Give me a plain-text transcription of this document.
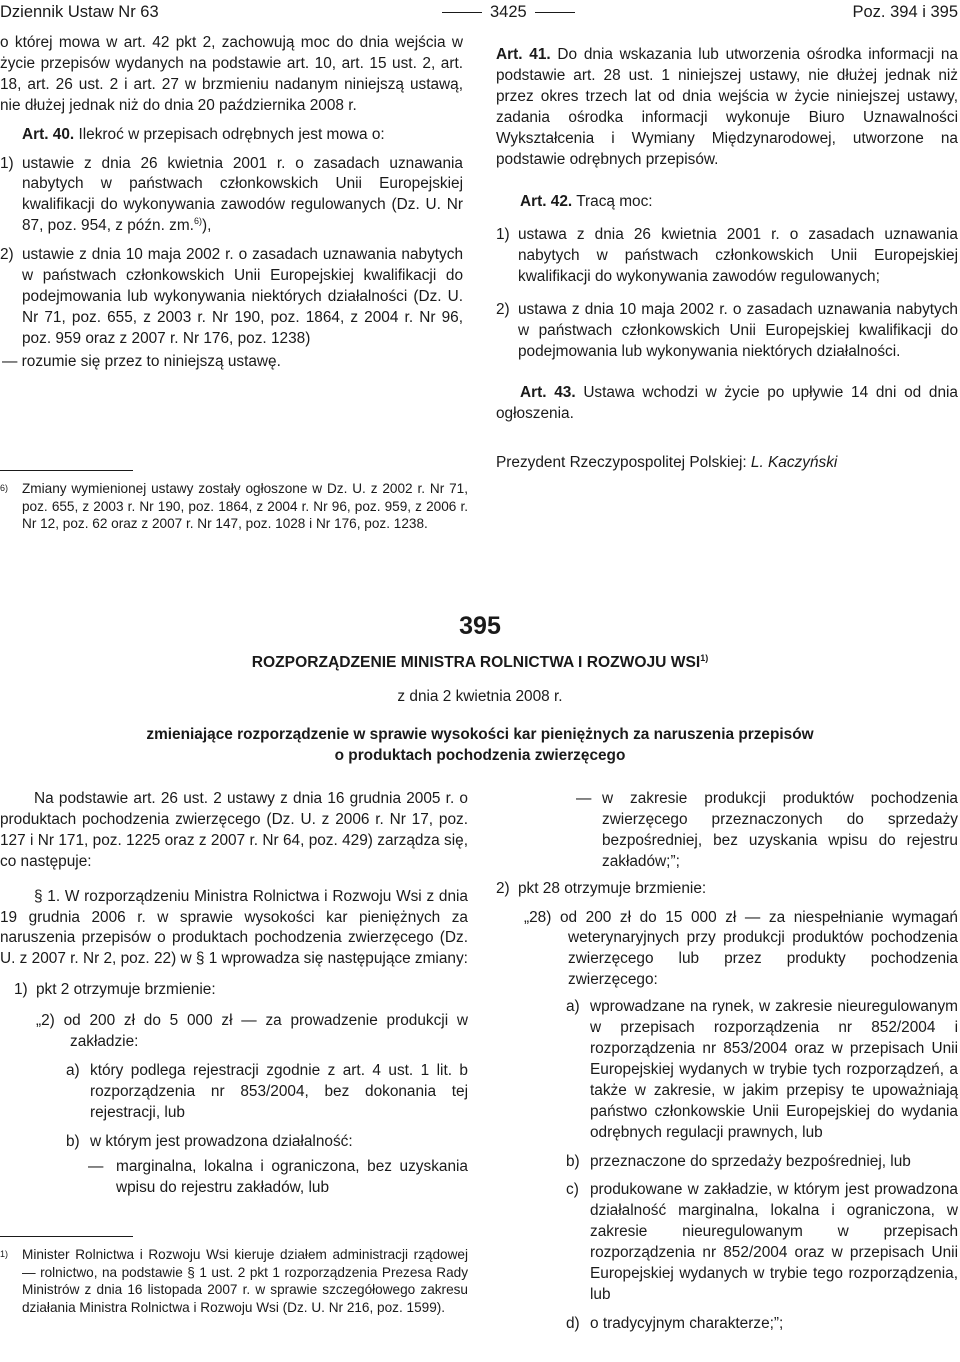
Dziennik Ustaw Nr 63	3425	Poz. 394 i 395

o której mowa w art. 42 pkt 2, zachowują moc do dnia wejścia w życie przepisów wydanych na podstawie art. 10, art. 15 ust. 2, art. 18, art. 26 ust. 2 i art. 27 w brzmieniu nadanym niniejszą ustawą, nie dłużej jednak niż do dnia 20 października 2008 r.

Art. 40. Ilekroć w przepisach odrębnych jest mowa o:

1) ustawie z dnia 26 kwietnia 2001 r. o zasadach uznawania nabytych w państwach członkowskich Unii Europejskiej kwalifikacji do wykonywania zawodów regulowanych (Dz. U. Nr 87, poz. 954, z późn. zm.$^{6)}$),

2) ustawie z dnia 10 maja 2002 r. o zasadach uznawania nabytych w państwach członkowskich Unii Europejskiej kwalifikacji do podejmowania lub wykonywania niektórych działalności (Dz. U. Nr 71, poz. 655, z 2003 r. Nr 190, poz. 1864, z 2004 r. Nr 96, poz. 959 oraz z 2007 r. Nr 176, poz. 1238)

— rozumie się przez to niniejszą ustawę.

6)	Zmiany wymienionej ustawy zostały ogłoszone w Dz. U. z 2002 r. Nr 71, poz. 655, z 2003 r. Nr 190, poz. 1864, z 2004 r. Nr 96, poz. 959, z 2006 r. Nr 12, poz. 62 oraz z 2007 r. Nr 147, poz. 1028 i Nr 176, poz. 1238.

Art. 41. Do dnia wskazania lub utworzenia ośrodka informacji na podstawie art. 28 ust. 1 niniejszej ustawy, nie dłużej jednak niż przez okres trzech lat od dnia wejścia w życie niniejszej ustawy, zadania ośrodka informacji wykonuje Biuro Uznawalności Wykształcenia i Wymiany Międzynarodowej, utworzone na podstawie odrębnych przepisów.

Art. 42. Tracą moc:

1) ustawa z dnia 26 kwietnia 2001 r. o zasadach uznawania nabytych w państwach członkowskich Unii Europejskiej kwalifikacji do wykonywania zawodów regulowanych;

2) ustawa z dnia 10 maja 2002 r. o zasadach uznawania nabytych w państwach członkowskich Unii Europejskiej kwalifikacji do podejmowania lub wykonywania niektórych działalności.

Art. 43. Ustawa wchodzi w życie po upływie 14 dni od dnia ogłoszenia.

Prezydent Rzeczypospolitej Polskiej: L. Kaczyński

395
ROZPORZĄDZENIE MINISTRA ROLNICTWA I ROZWOJU WSI$^{1)}$
z dnia 2 kwietnia 2008 r.
zmieniające rozporządzenie w sprawie wysokości kar pieniężnych za naruszenia przepisów
o produktach pochodzenia zwierzęcego

Na podstawie art. 26 ust. 2 ustawy z dnia 16 grudnia 2005 r. o produktach pochodzenia zwierzęcego (Dz. U. z 2006 r. Nr 17, poz. 127 i Nr 171, poz. 1225 oraz z 2007 r. Nr 64, poz. 429) zarządza się, co następuje:

§ 1. W rozporządzeniu Ministra Rolnictwa i Rozwoju Wsi z dnia 19 grudnia 2006 r. w sprawie wysokości kar pieniężnych za naruszenia przepisów o produktach pochodzenia zwierzęcego (Dz. U. z 2007 r. Nr 2, poz. 22) w § 1 wprowadza się następujące zmiany:

1) pkt 2 otrzymuje brzmienie:

„2) od 200 zł do 5 000 zł — za prowadzenie produkcji w zakładzie:

a) który podlega rejestracji zgodnie z art. 4 ust. 1 lit. b rozporządzenia nr 853/2004, bez dokonania tej rejestracji, lub

b) w którym jest prowadzona działalność:

— marginalna, lokalna i ograniczona, bez uzyskania wpisu do rejestru zakładów, lub

1)	Minister Rolnictwa i Rozwoju Wsi kieruje działem administracji rządowej — rolnictwo, na podstawie § 1 ust. 2 pkt 1 rozporządzenia Prezesa Rady Ministrów z dnia 16 listopada 2007 r. w sprawie szczegółowego zakresu działania Ministra Rolnictwa i Rozwoju Wsi (Dz. U. Nr 216, poz. 1599).

— w zakresie produkcji produktów pochodzenia zwierzęcego przeznaczonych do sprzedaży bezpośredniej, bez uzyskania wpisu do rejestru zakładów;”;

2) pkt 28 otrzymuje brzmienie:

„28) od 200 zł do 15 000 zł — za niespełnianie wymagań weterynaryjnych przy produkcji produktów pochodzenia zwierzęcego lub przez produkty pochodzenia zwierzęcego:

a) wprowadzane na rynek, w zakresie nieuregulowanym w przepisach rozporządzenia nr 852/2004 i rozporządzenia nr 853/2004 oraz w przepisach Unii Europejskiej wydanych w trybie tych rozporządzeń, a także w zakresie, w jakim przepisy te upoważniają państwo członkowskie Unii Europejskiej do wydania odrębnych regulacji prawnych, lub

b) przeznaczone do sprzedaży bezpośredniej, lub

c) produkowane w zakładzie, w którym jest prowadzona działalność marginalna, lokalna i ograniczona, w zakresie nieuregulowanym w przepisach rozporządzenia nr 852/2004 oraz w przepisach Unii Europejskiej wydanych w trybie tego rozporządzenia, lub

d) o tradycyjnym charakterze;”;
